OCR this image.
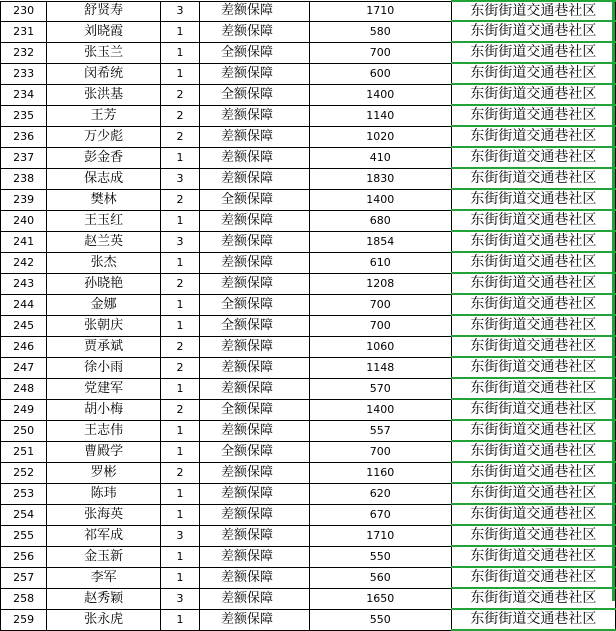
230	舒贤寿	3	差额保障	1710	东街街道交通巷社区
231	刘晓霞	1	差额保障	580	东街街道交通巷社区
232	张玉兰	1	全额保障	700	东街街道交通巷社区
233	闵希统	1	差额保障	600	东街街道交通巷社区
234	张洪基	2	全额保障	1400	东街街道交通巷社区
235	王芳	2	差额保障	1140	东街街道交通巷社区
236	万少彪	2	差额保障	1020	东街街道交通巷社区
237	彭金香	1	差额保障	410	东街街道交通巷社区
238	保志成	3	差额保障	1830	东街街道交通巷社区
239	樊林	2	全额保障	1400	东街街道交通巷社区
240	王玉红	1	差额保障	680	东街街道交通巷社区
241	赵兰英	3	差额保障	1854	东街街道交通巷社区
242	张杰	1	差额保障	610	东街街道交通巷社区
243	孙晓艳	2	差额保障	1208	东街街道交通巷社区
244	金娜	1	全额保障	700	东街街道交通巷社区
245	张朝庆	1	全额保障	700	东街街道交通巷社区
246	贾承斌	2	差额保障	1060	东街街道交通巷社区
247	徐小雨	2	差额保障	1148	东街街道交通巷社区
248	党建军	1	差额保障	570	东街街道交通巷社区
249	胡小梅	2	全额保障	1400	东街街道交通巷社区
250	王志伟	1	差额保障	557	东街街道交通巷社区
251	曹殿学	1	全额保障	700	东街街道交通巷社区
252	罗彬	2	差额保障	1160	东街街道交通巷社区
253	陈玮	1	差额保障	620	东街街道交通巷社区
254	张海英	1	差额保障	670	东街街道交通巷社区
255	祁军成	3	差额保障	1710	东街街道交通巷社区
256	金玉新	1	差额保障	550	东街街道交通巷社区
257	李军	1	差额保障	560	东街街道交通巷社区
258	赵秀颖	3	差额保障	1650	东街街道交通巷社区
259	张永虎	1	差额保障	550	东街街道交通巷社区
